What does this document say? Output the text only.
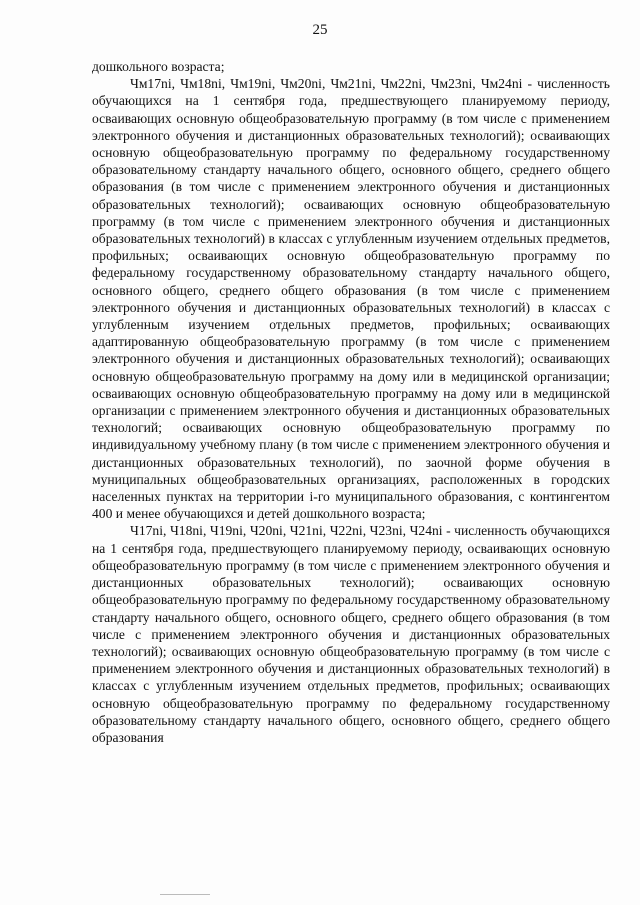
25

дошкольного возраста;

Чм17ni, Чм18ni, Чм19ni, Чм20ni, Чм21ni, Чм22ni, Чм23ni, Чм24ni - численность обучающихся на 1 сентября года, предшествующего планируемому периоду, осваивающих основную общеобразовательную программу (в том числе с применением электронного обучения и дистанционных образовательных технологий); осваивающих основную общеобразовательную программу по федеральному государственному образовательному стандарту начального общего, основного общего, среднего общего образования (в том числе с применением электронного обучения и дистанционных образовательных технологий); осваивающих основную общеобразовательную программу (в том числе с применением электронного обучения и дистанционных образовательных технологий) в классах с углубленным изучением отдельных предметов, профильных; осваивающих основную общеобразовательную программу по федеральному государственному образовательному стандарту начального общего, основного общего, среднего общего образования (в том числе с применением электронного обучения и дистанционных образовательных технологий) в классах с углубленным изучением отдельных предметов, профильных; осваивающих адаптированную общеобразовательную программу (в том числе с применением электронного обучения и дистанционных образовательных технологий); осваивающих основную общеобразовательную программу на дому или в медицинской организации; осваивающих основную общеобразовательную программу на дому или в медицинской организации с применением электронного обучения и дистанционных образовательных технологий; осваивающих основную общеобразовательную программу по индивидуальному учебному плану (в том числе с применением электронного обучения и дистанционных образовательных технологий), по заочной форме обучения в муниципальных общеобразовательных организациях, расположенных в городских населенных пунктах на территории i-го муниципального образования, с контингентом 400 и менее обучающихся и детей дошкольного возраста;

Ч17ni, Ч18ni, Ч19ni, Ч20ni, Ч21ni, Ч22ni, Ч23ni, Ч24ni - численность обучающихся на 1 сентября года, предшествующего планируемому периоду, осваивающих основную общеобразовательную программу (в том числе с применением электронного обучения и дистанционных образовательных технологий); осваивающих основную общеобразовательную программу по федеральному государственному образовательному стандарту начального общего, основного общего, среднего общего образования (в том числе с применением электронного обучения и дистанционных образовательных технологий); осваивающих основную общеобразовательную программу (в том числе с применением электронного обучения и дистанционных образовательных технологий) в классах с углубленным изучением отдельных предметов, профильных; осваивающих основную общеобразовательную программу по федеральному государственному образовательному стандарту начального общего, основного общего, среднего общего образования
